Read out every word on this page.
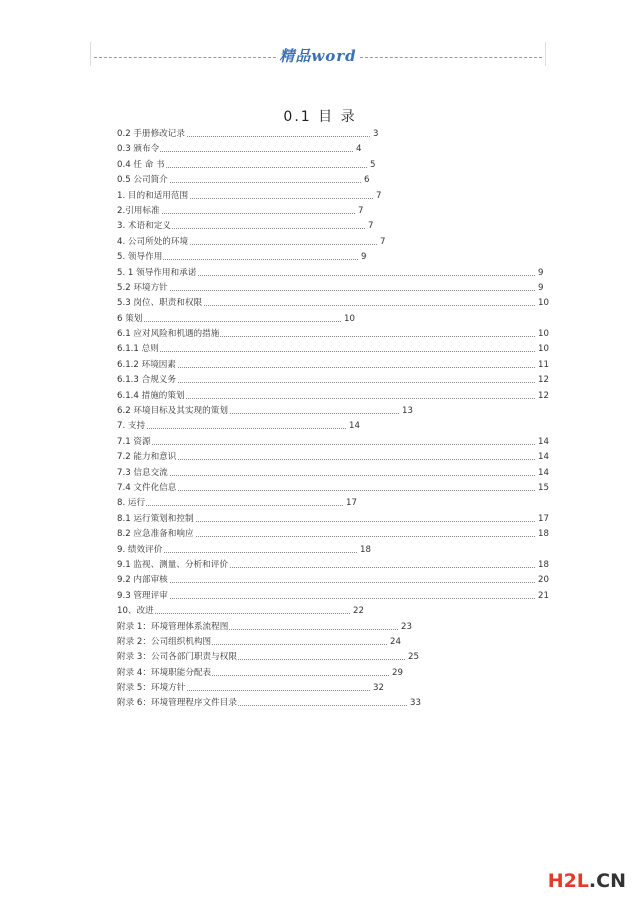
精品word
0.1 目 录
0.2 手册修改记录	3
0.3 颁布令	4
0.4 任 命 书	5
0.5 公司简介	6
1. 目的和适用范围	7
2.引用标准	7
3. 术语和定义	7
4. 公司所处的环境	7
5. 领导作用	9
5. 1 领导作用和承诺	9
5.2 环境方针	9
5.3 岗位、职责和权限	10
6 策划	10
6.1 应对风险和机遇的措施	10
6.1.1 总则	10
6.1.2 环境因素	11
6.1.3 合规义务	12
6.1.4 措施的策划	12
6.2 环境目标及其实现的策划	13
7. 支持	14
7.1 资源	14
7.2 能力和意识	14
7.3 信息交流	14
7.4 文件化信息	15
8. 运行	17
8.1 运行策划和控制	17
8.2 应急准备和响应	18
9. 绩效评价	18
9.1 监视、测量、分析和评价	18
9.2 内部审核	20
9.3 管理评审	21
10、改进	22
附录 1：环境管理体系流程图	23
附录 2：公司组织机构图	24
附录 3：公司各部门职责与权限	25
附录 4：环境职能分配表	29
附录 5：环境方针	32
附录 6：环境管理程序文件目录	33
H2L.CN
